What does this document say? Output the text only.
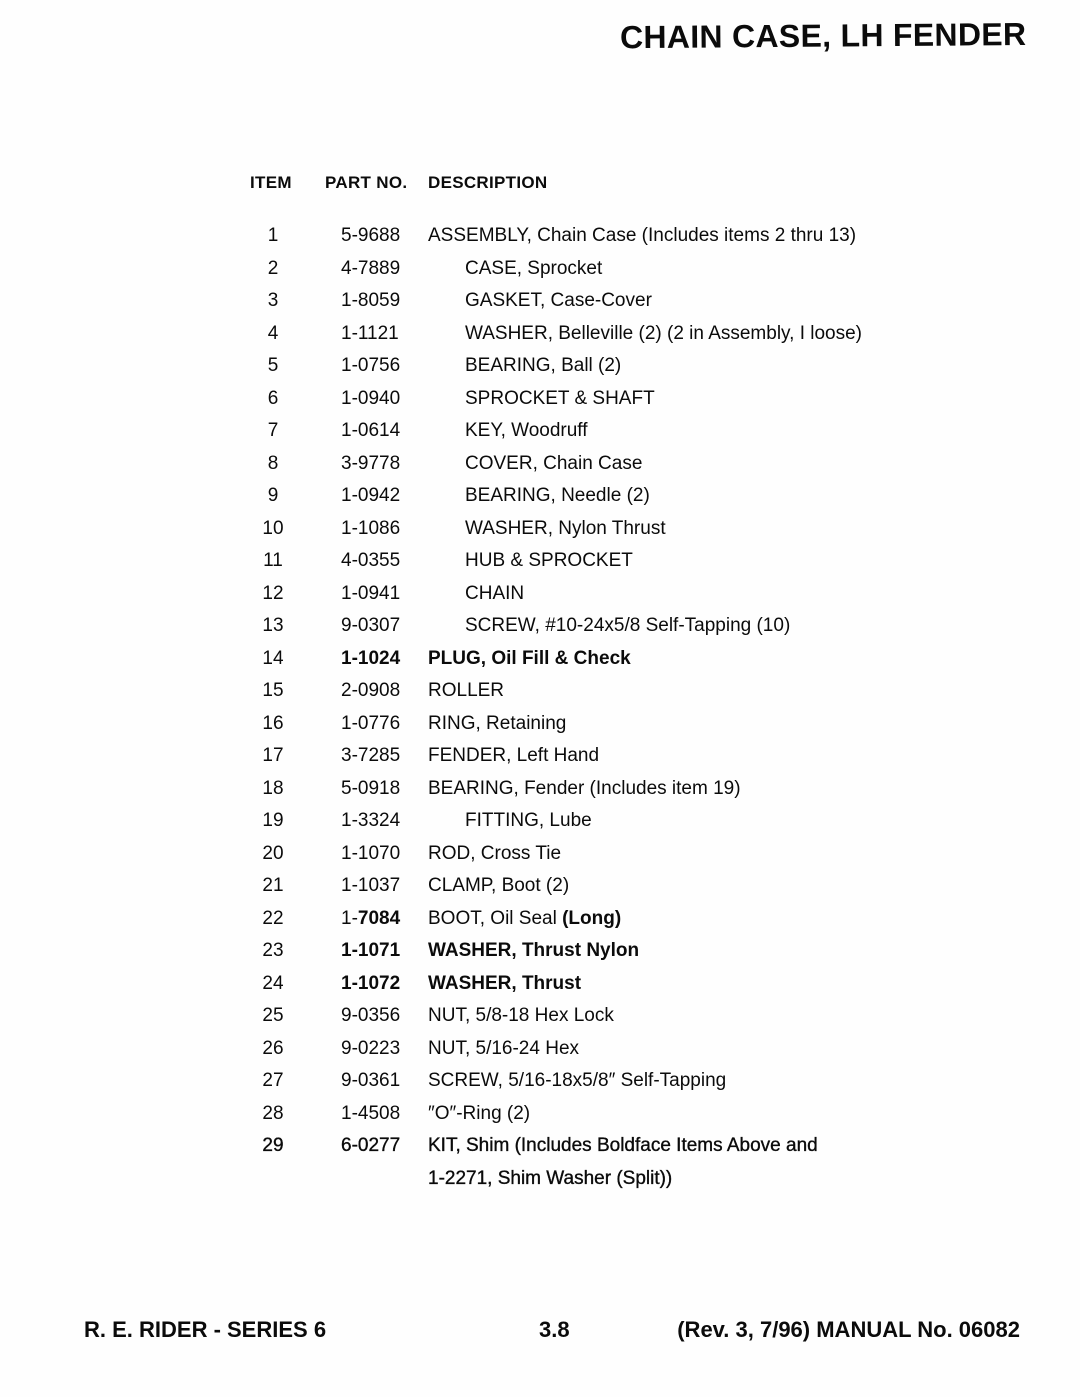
CHAIN CASE, LH FENDER
ITEM PART NO. DESCRIPTION
1	5-9688 ASSEMBLY, Chain Case (Includes items 2 thru 13)
2	4-7889	CASE, Sprocket
3	1-8059	GASKET, Case-Cover
4	1-1121	WASHER, Belleville (2) (2 in Assembly, I loose)
5	1-0756	BEARING, Ball (2)
6	1-0940	SPROCKET & SHAFT
7	1-0614	KEY, Woodruff
8	3-9778	COVER, Chain Case
9	1-0942	BEARING, Needle (2)
10	1-1086	WASHER, Nylon Thrust
11	4-0355	HUB & SPROCKET
12	1-0941	CHAIN
13	9-0307	SCREW, #10-24x5/8 Self-Tapping (10)
14	1-1024 PLUG, Oil Fill & Check
15	2-0908 ROLLER
16	1-0776 RING, Retaining
17	3-7285 FENDER, Left Hand
18	5-0918 BEARING, Fender (Includes item 19)
19	1-3324	FITTING, Lube
20	1-1070 ROD, Cross Tie
21	1-1037 CLAMP, Boot (2)
22	1-7084 BOOT, Oil Seal (Long)
23	1-1071 WASHER, Thrust Nylon
24	1-1072 WASHER, Thrust
25	9-0356 NUT, 5/8-18 Hex Lock
26	9-0223 NUT, 5/16-24 Hex
27	9-0361 SCREW, 5/16-18x5/8″ Self-Tapping
28	1-4508 ″O″-Ring (2)
29	6-0277 KIT, Shim (Includes Boldface Items Above and
1-2271, Shim Washer (Split))
R. E. RIDER - SERIES 6	3.8	(Rev. 3, 7/96) MANUAL No. 06082
